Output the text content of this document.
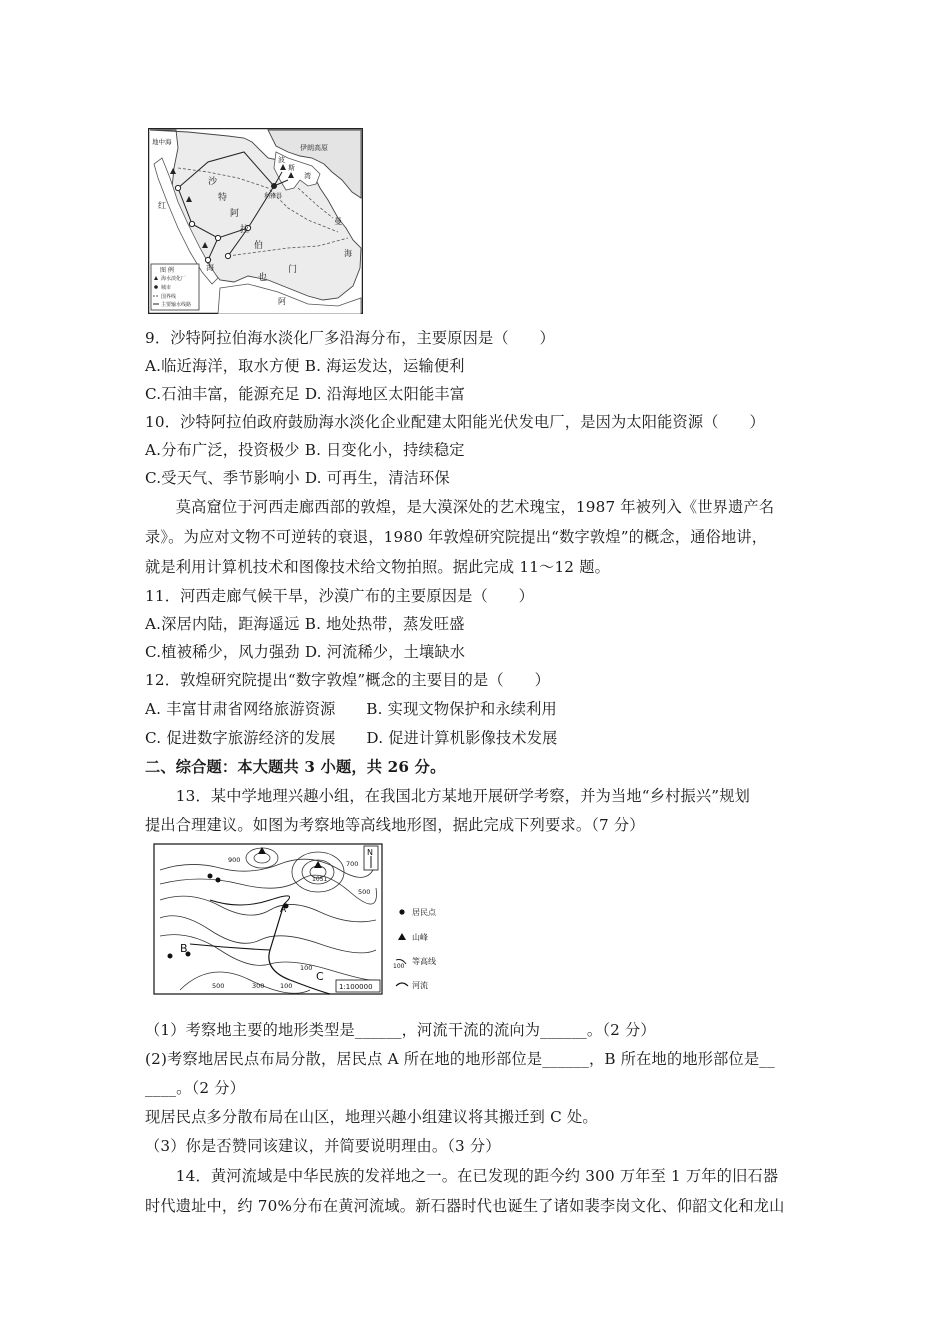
地中海
伊朗高原
波
斯
湾
沙
特
阿
拉
伯
利雅得
门
也
红
海
曼
海
阿
图 例
海水淡化厂
城市
国界线
主要输水线路
9．沙特阿拉伯海水淡化厂多沿海分布，主要原因是（　　）
A.临近海洋，取水方便 B. 海运发达，运输便利
C.石油丰富，能源充足 D. 沿海地区太阳能丰富
10．沙特阿拉伯政府鼓励海水淡化企业配建太阳能光伏发电厂，是因为太阳能资源（　　）
A.分布广泛，投资极少 B. 日变化小，持续稳定
C.受天气、季节影响小 D. 可再生，清洁环保
　　莫高窟位于河西走廊西部的敦煌，是大漠深处的艺术瑰宝，1987 年被列入《世界遗产名
录》。为应对文物不可逆转的衰退，1980 年敦煌研究院提出“数字敦煌”的概念，通俗地讲，
就是利用计算机技术和图像技术给文物拍照。据此完成 11～12 题。
11．河西走廊气候干旱，沙漠广布的主要原因是（　　）
A.深居内陆，距海遥远 B. 地处热带，蒸发旺盛
C.植被稀少，风力强劲 D. 河流稀少，土壤缺水
12．敦煌研究院提出“数字敦煌”概念的主要目的是（　　）
A. 丰富甘肃省网络旅游资源　　B. 实现文物保护和永续利用
C. 促进数字旅游经济的发展　　D. 促进计算机影像技术发展
二、综合题：本大题共 3 小题，共 26 分。
　　13．某中学地理兴趣小组，在我国北方某地开展研学考察，并为当地“乡村振兴”规划
提出合理建议。如图为考察地等高线地形图，据此完成下列要求。（7 分）
900	700
500
500	300 100
100
1051
A
B
C
N
1:100000
居民点
山峰
100
等高线
河流
（1）考察地主要的地形类型是______，河流干流的流向为______。（2 分）
(2)考察地居民点布局分散，居民点 A 所在地的地形部位是______，B 所在地的地形部位是__
____。（2 分）
现居民点多分散布局在山区，地理兴趣小组建议将其搬迁到 C 处。
（3）你是否赞同该建议，并简要说明理由。（3 分）
　　14．黄河流域是中华民族的发祥地之一。在已发现的距今约 300 万年至 1 万年的旧石器
时代遗址中，约 70%分布在黄河流域。新石器时代也诞生了诸如裴李岗文化、仰韶文化和龙山
